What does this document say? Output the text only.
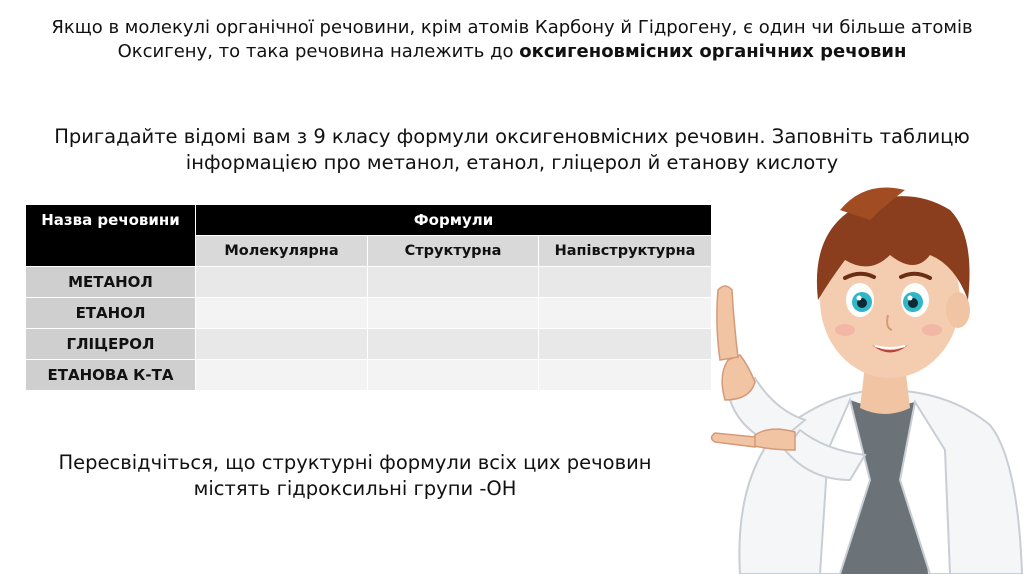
Якщо в молекулі органічної речовини, крім атомів Карбону й Гідрогену, є один чи більше атомів Оксигену, то така речовина належить до оксигеновмісних органічних речовин
Пригадайте відомі вам з 9 класу формули оксигеновмісних речовин. Заповніть таблицю інформацією про метанол, етанол, гліцерол й етанову кислоту
Назва речовини	Формули		
	Молекулярна	Структурна	Напівструктурна
МЕТАНОЛ			
ЕТАНОЛ			
ГЛІЦЕРОЛ			
ЕТАНОВА К-ТА			
Пересвідчіться, що структурні формули всіх цих речовин
містять гідроксильні групи -ОН
